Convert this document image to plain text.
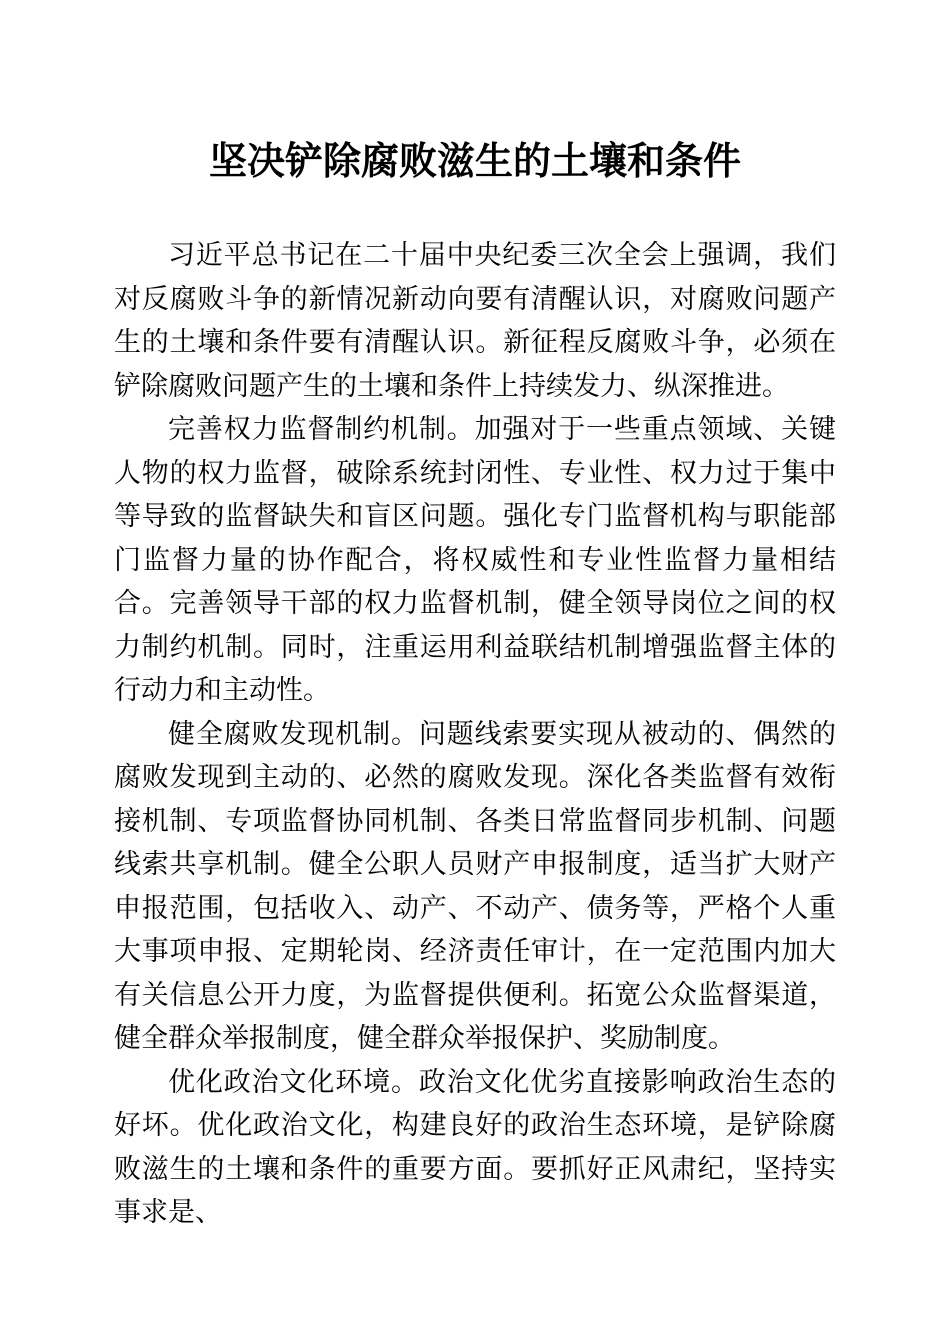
坚决铲除腐败滋生的土壤和条件

习近平总书记在二十届中央纪委三次全会上强调，我们对反腐败斗争的新情况新动向要有清醒认识，对腐败问题产生的土壤和条件要有清醒认识。新征程反腐败斗争，必须在铲除腐败问题产生的土壤和条件上持续发力、纵深推进。

完善权力监督制约机制。加强对于一些重点领域、关键人物的权力监督，破除系统封闭性、专业性、权力过于集中等导致的监督缺失和盲区问题。强化专门监督机构与职能部门监督力量的协作配合，将权威性和专业性监督力量相结合。完善领导干部的权力监督机制，健全领导岗位之间的权力制约机制。同时，注重运用利益联结机制增强监督主体的行动力和主动性。

健全腐败发现机制。问题线索要实现从被动的、偶然的腐败发现到主动的、必然的腐败发现。深化各类监督有效衔接机制、专项监督协同机制、各类日常监督同步机制、问题线索共享机制。健全公职人员财产申报制度，适当扩大财产申报范围，包括收入、动产、不动产、债务等，严格个人重大事项申报、定期轮岗、经济责任审计，在一定范围内加大有关信息公开力度，为监督提供便利。拓宽公众监督渠道，健全群众举报制度，健全群众举报保护、奖励制度。

优化政治文化环境。政治文化优劣直接影响政治生态的好坏。优化政治文化，构建良好的政治生态环境，是铲除腐败滋生的土壤和条件的重要方面。要抓好正风肃纪，坚持实事求是、
